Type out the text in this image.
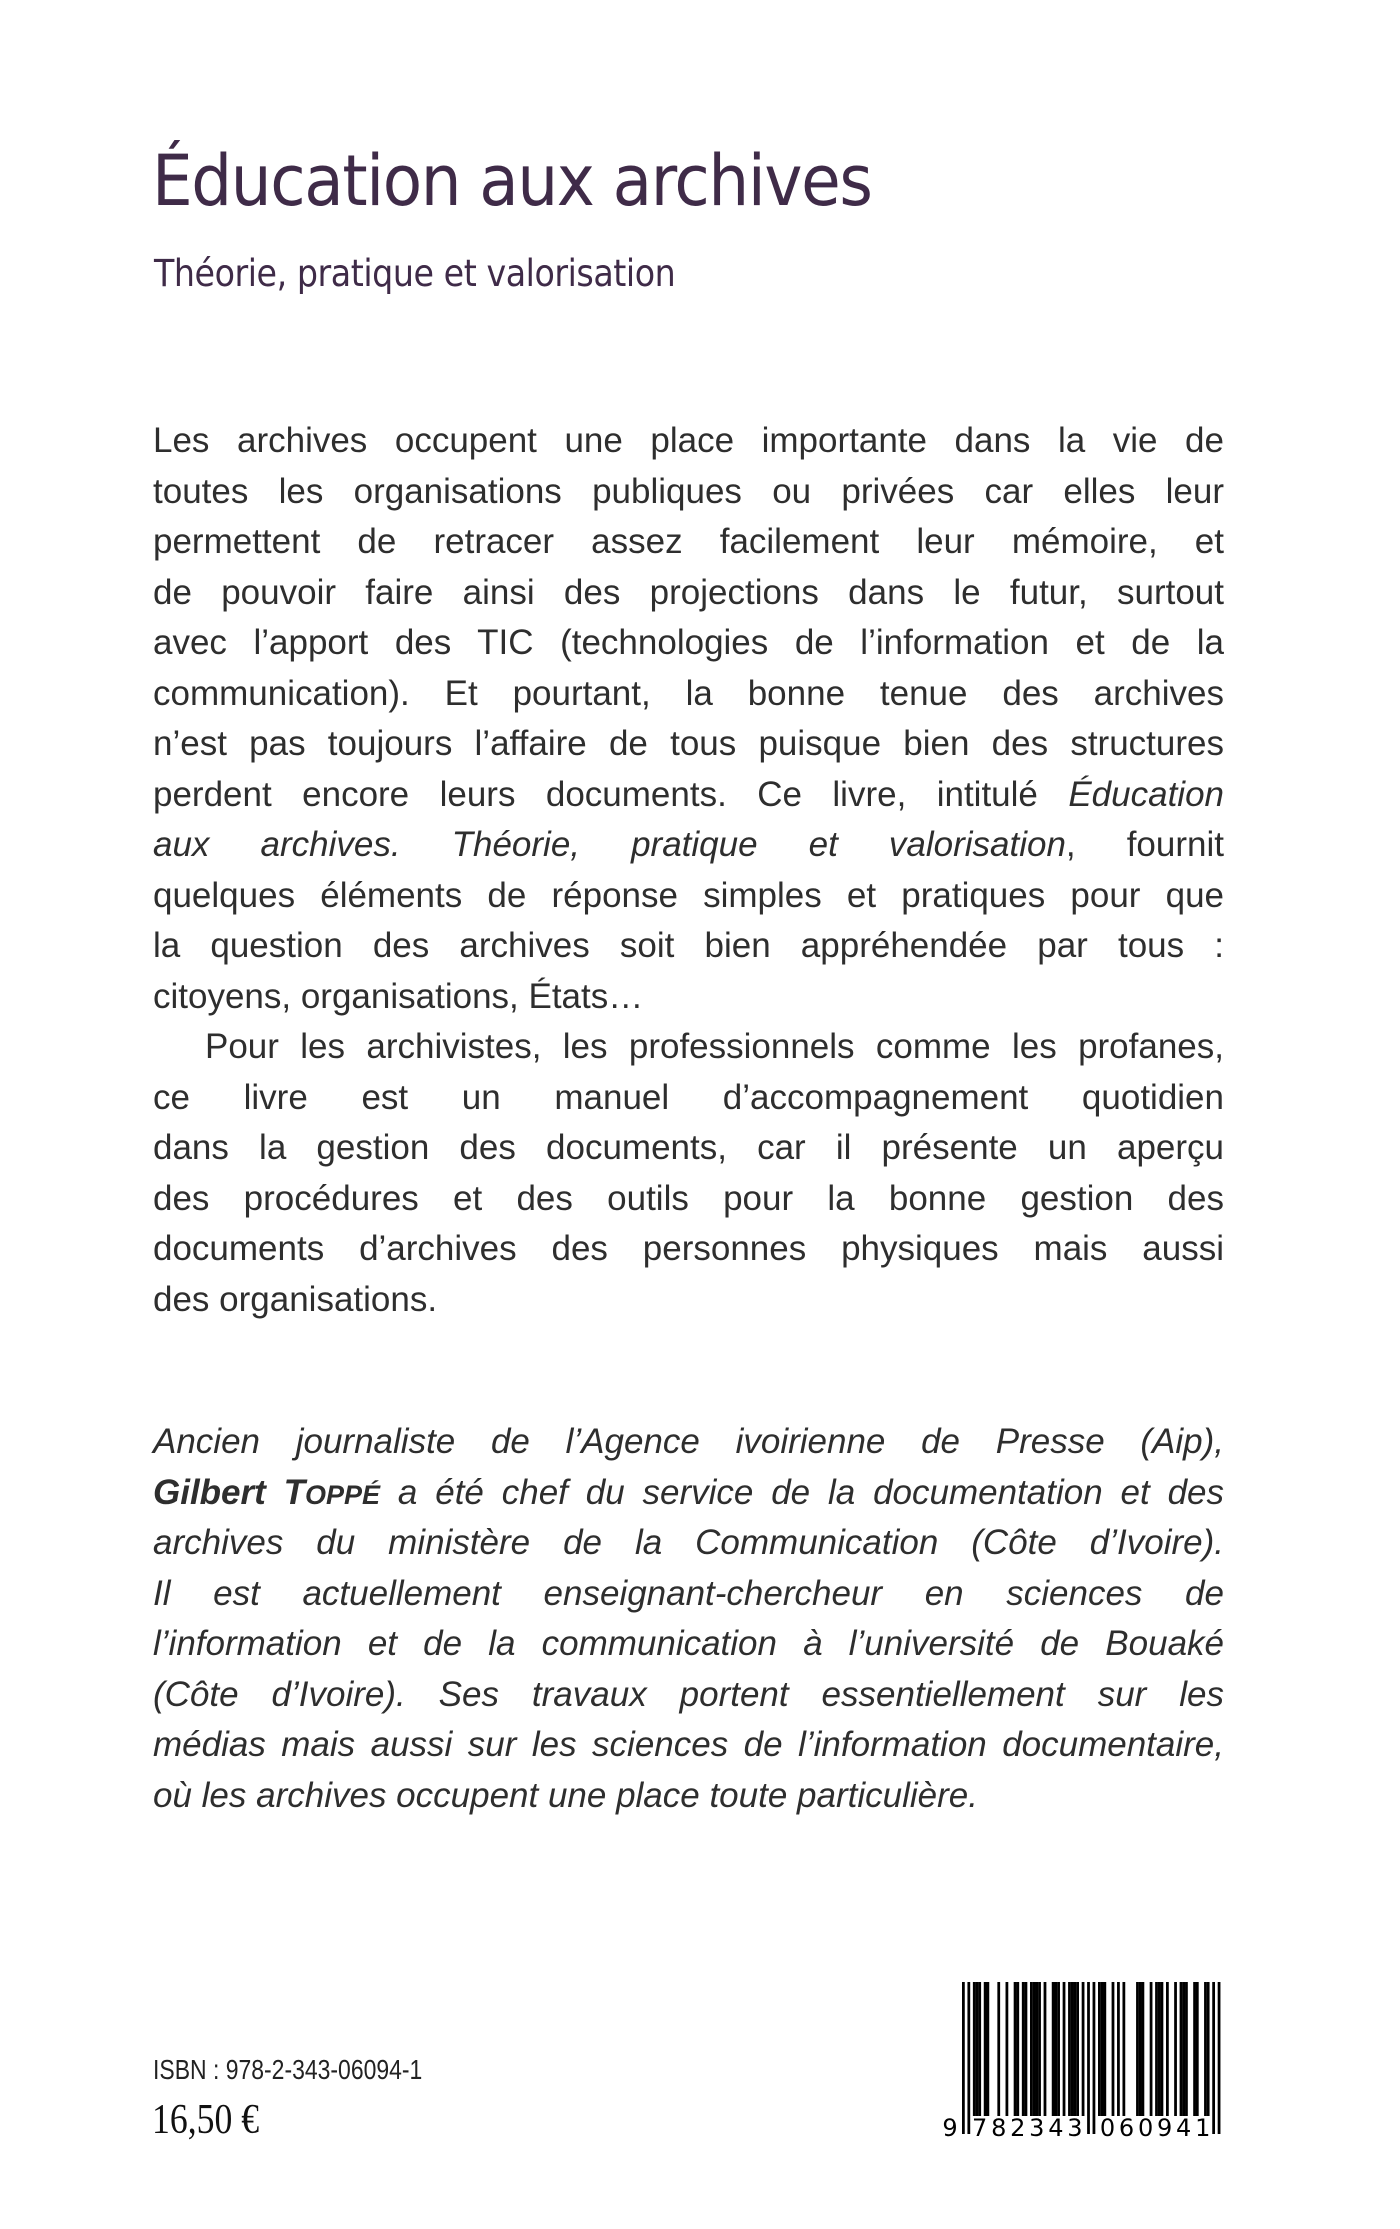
Éducation aux archives
Théorie, pratique et valorisation
Les archives occupent une place importante dans la vie de
toutes les organisations publiques ou privées car elles leur
permettent de retracer assez facilement leur mémoire, et
de pouvoir faire ainsi des projections dans le futur, surtout
avec l’apport des TIC (technologies de l’information et de la
communication). Et pourtant, la bonne tenue des archives
n’est pas toujours l’affaire de tous puisque bien des structures
perdent encore leurs documents. Ce livre, intitulé Éducation
aux archives. Théorie, pratique et valorisation, fournit
quelques éléments de réponse simples et pratiques pour que
la question des archives soit bien appréhendée par tous :
citoyens, organisations, États…
Pour les archivistes, les professionnels comme les profanes,
ce livre est un manuel d’accompagnement quotidien
dans la gestion des documents, car il présente un aperçu
des procédures et des outils pour la bonne gestion des
documents d’archives des personnes physiques mais aussi
des organisations.
Ancien journaliste de l’Agence ivoirienne de Presse (Aip),
Gilbert TOPPÉ a été chef du service de la documentation et des
archives du ministère de la Communication (Côte d’Ivoire).
Il est actuellement enseignant-chercheur en sciences de
l’information et de la communication à l’université de Bouaké
(Côte d’Ivoire). Ses travaux portent essentiellement sur les
médias mais aussi sur les sciences de l’information documentaire,
où les archives occupent une place toute particulière.
ISBN : 978-2-343-06094-1
16,50 €	9 7 8 2 3 4 3 0 6 0 9 4 1
